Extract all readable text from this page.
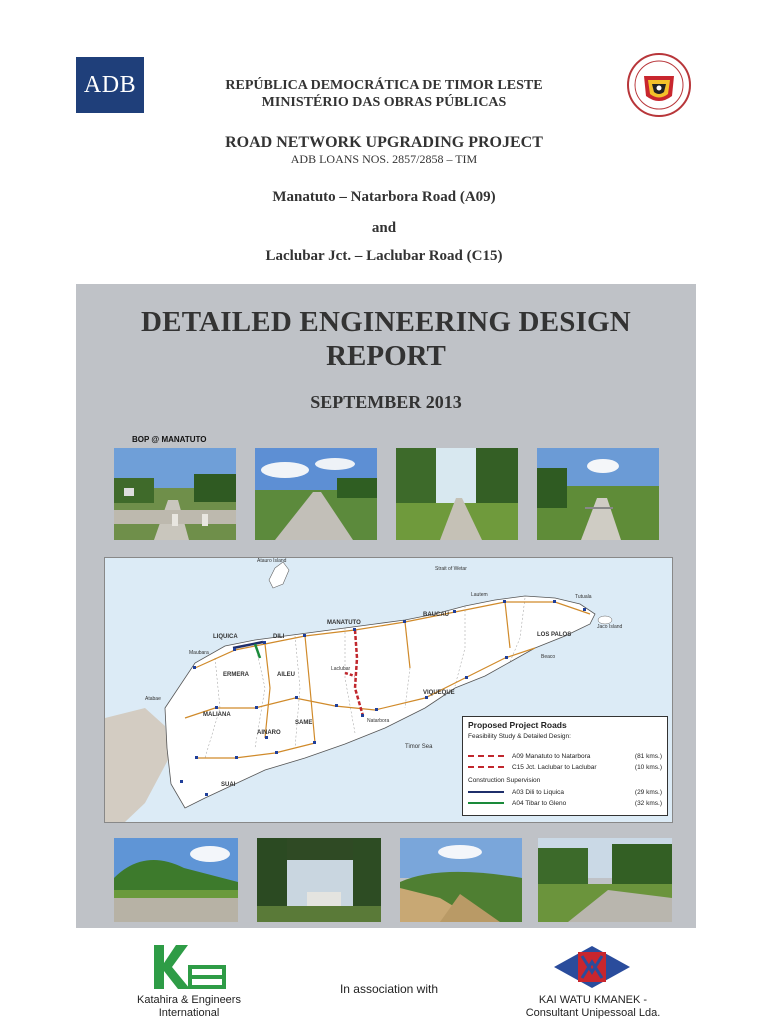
ADB	REPÚBLICA DEMOCRÁTICA DE TIMOR LESTE
MINISTÉRIO DAS OBRAS PÚBLICAS
ROAD NETWORK UPGRADING PROJECT
ADB LOANS NOS. 2857/2858 – TIM
Manatuto – Natarbora Road (A09)
and
Laclubar Jct. – Laclubar Road (C15)
DETAILED ENGINEERING DESIGN
REPORT
SEPTEMBER 2013
BOP @ MANATUTO
Atauro Island
Strait of Wetar
Jaco Island
Timor Sea
MANATUTO
BAUCAU
Lautem
LOS PALOS
VIQUEQUE
LIQUICA	DILI
ERMERA	AILEU
MALIANA
AINARO
SAME
SUAI
Maubara
Atabae
Natarbora
Laclubar
Beaco
Tutuala
Proposed Project Roads
Feasibility Study & Detailed Design:
A09 Manatuto to Natarbora	(81 kms.)
C15 Jct. Laclubar to Laclubar	(10 kms.)
Construction Supervision
A03 Dili to Liquica	(29 kms.)
A04 Tibar to Gleno	(32 kms.)
Katahira & Engineers
International
In association with
KAI WATU KMANEK -
Consultant Unipessoal Lda.
